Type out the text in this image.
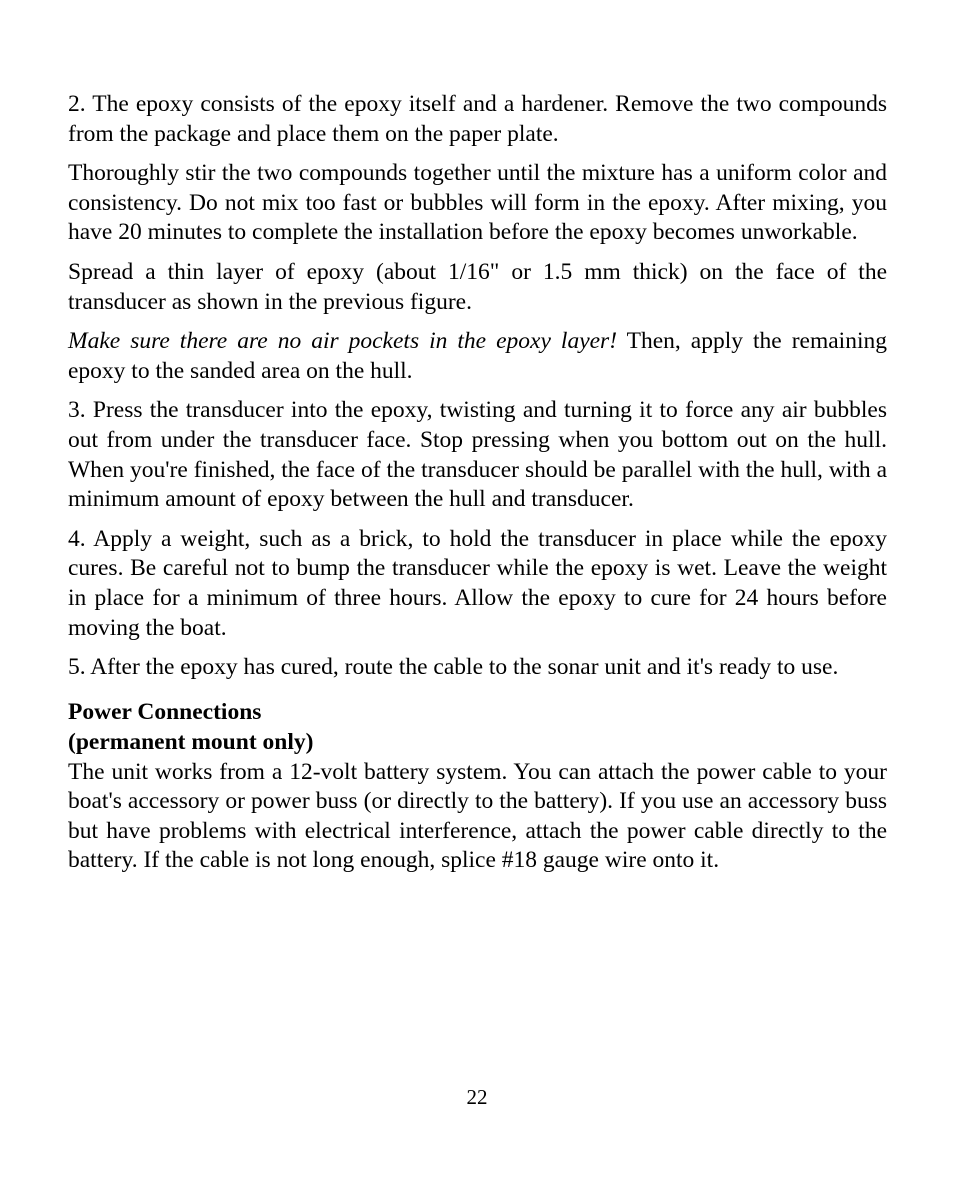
2. The epoxy consists of the epoxy itself and a hardener. Remove the two compounds from the package and place them on the paper plate.

Thoroughly stir the two compounds together until the mixture has a uniform color and consistency. Do not mix too fast or bubbles will form in the epoxy. After mixing, you have 20 minutes to complete the installation before the epoxy becomes unworkable.

Spread a thin layer of epoxy (about 1/16" or 1.5 mm thick) on the face of the transducer as shown in the previous figure.

Make sure there are no air pockets in the epoxy layer! Then, apply the remaining epoxy to the sanded area on the hull.

3. Press the transducer into the epoxy, twisting and turning it to force any air bubbles out from under the transducer face. Stop pressing when you bottom out on the hull. When you're finished, the face of the transducer should be parallel with the hull, with a minimum amount of epoxy between the hull and transducer.

4. Apply a weight, such as a brick, to hold the transducer in place while the epoxy cures. Be careful not to bump the transducer while the epoxy is wet. Leave the weight in place for a minimum of three hours. Allow the epoxy to cure for 24 hours before moving the boat.

5. After the epoxy has cured, route the cable to the sonar unit and it's ready to use.

Power Connections
(permanent mount only)

The unit works from a 12-volt battery system. You can attach the power cable to your boat's accessory or power buss (or directly to the battery). If you use an accessory buss but have problems with electrical interference, attach the power cable directly to the battery. If the cable is not long enough, splice #18 gauge wire onto it.

22
